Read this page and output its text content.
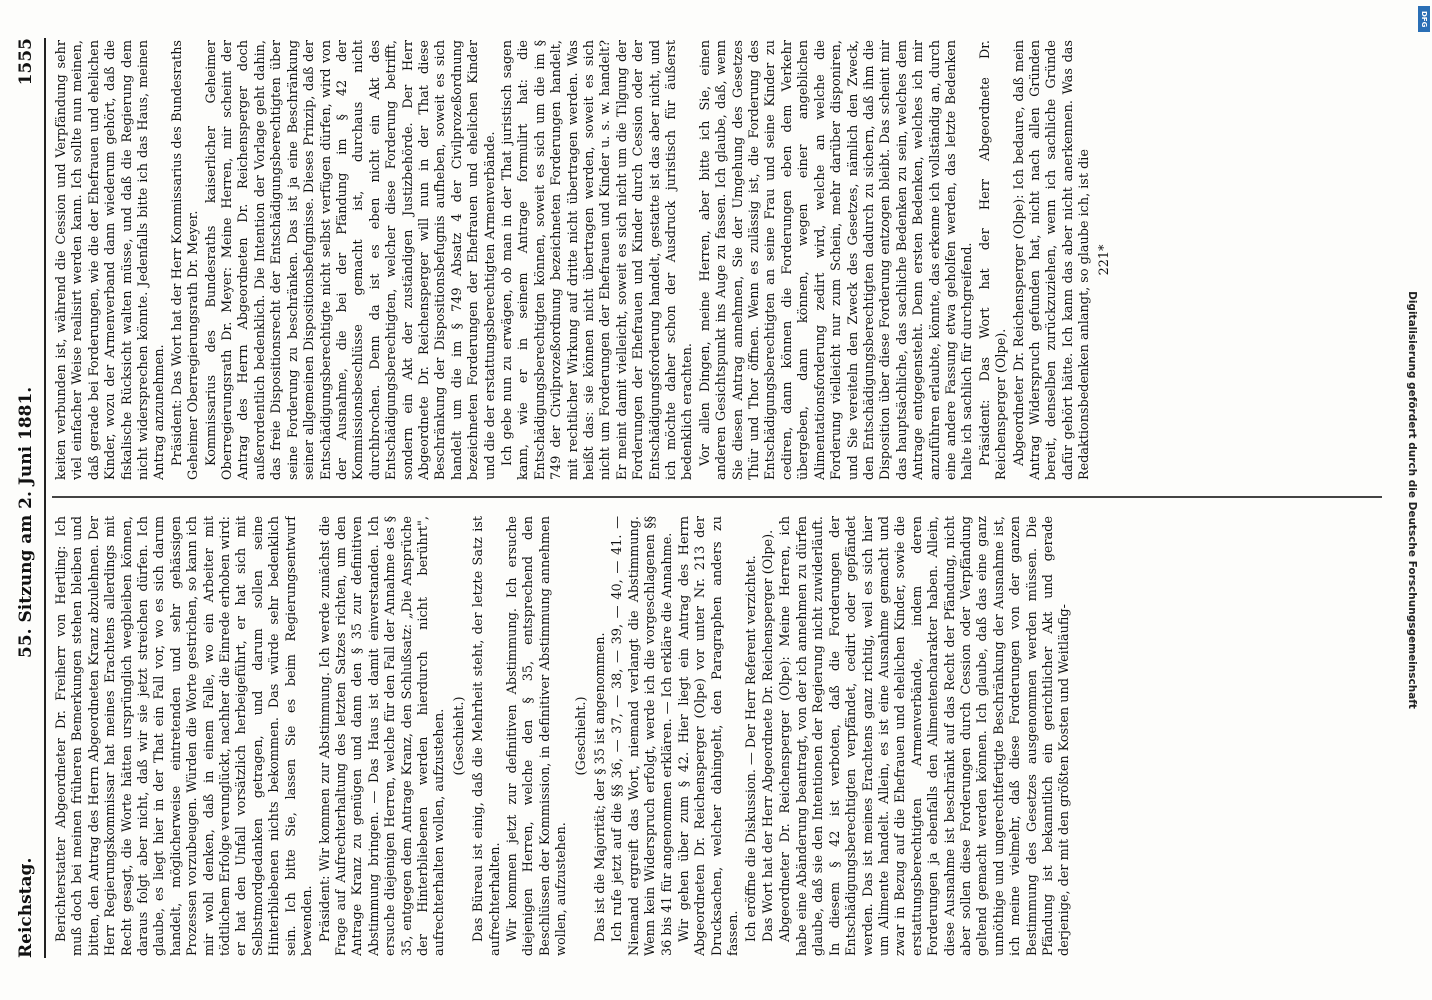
Reichstag.
55. Sitzung am 2. Juni 1881.
1555

Berichterstatter Abgeordneter Dr. Freiherr von Hertling: Ich muß doch bei meinen früheren Bemerkungen stehen bleiben und bitten, den Antrag des Herrn Abgeordneten Kranz abzulehnen. Der Herr Regierungskommissar hat meines Erachtens allerdings mit Recht gesagt, die Worte hätten ursprünglich wegbleiben können, daraus folgt aber nicht, daß wir sie jetzt streichen dürfen. Ich glaube, es liegt hier in der That ein Fall vor, wo es sich darum handelt, möglicherweise eintretenden und sehr gehässigen Prozessen vorzubeugen. Würden die Worte gestrichen, so kann ich mir wohl denken, daß in einem Falle, wo ein Arbeiter mit tödtlichem Erfolge verunglückt, nachher die Einrede erhoben wird: er hat den Unfall vorsätzlich herbeigeführt, er hat sich mit Selbstmordgedanken getragen, und darum sollen seine Hinterbliebenen nichts bekommen. Das würde sehr bedenklich sein. Ich bitte Sie, lassen Sie es beim Regierungsentwurf bewenden. Präsident: Wir kommen zur Abstimmung. Ich werde zunächst die Frage auf Aufrechterhaltung des letzten Satzes richten, um den Antrage Kranz zu genügen und dann den § 35 zur definitiven Abstimmung bringen. — Das Haus ist damit einverstanden. Ich ersuche diejenigen Herren, welche für den Fall der Annahme des § 35, entgegen dem Antrage Kranz, den Schlußsatz: „Die Ansprüche der Hinterbliebenen werden hierdurch nicht berührt", aufrechterhalten wollen, aufzustehen. (Geschieht.) Das Büreau ist einig, daß die Mehrheit steht, der letzte Satz ist aufrechterhalten. Wir kommen jetzt zur definitiven Abstimmung. Ich ersuche diejenigen Herren, welche den § 35, entsprechend den Beschlüssen der Kommission, in definitiver Abstimmung annehmen wollen, aufzustehen.

(Geschieht.) Das ist die Majorität; der § 35 ist angenommen. Ich rufe jetzt auf die §§ 36, — 37, — 38, — 39, — 40, — 41. — Niemand ergreift das Wort, niemand verlangt die Abstimmung. Wenn kein Widerspruch erfolgt, werde ich die vorgeschlagenen §§ 36 bis 41 für angenommen erklären. — Ich erkläre die Annahme. Wir gehen über zum § 42. Hier liegt ein Antrag des Herrn Abgeordneten Dr. Reichensperger (Olpe) vor unter Nr. 213 der Drucksachen, welcher dahingeht, den Paragraphen anders zu fassen. Ich eröffne die Diskussion. — Der Herr Referent verzichtet. Das Wort hat der Herr Abgeordnete Dr. Reichensperger (Olpe). Abgeordneter Dr. Reichensperger (Olpe): Meine Herren, ich habe eine Abänderung beantragt, von der ich annehmen zu dürfen glaube, daß sie den Intentionen der Regierung nicht zuwiderläuft. In diesem § 42 ist verboten, daß die Forderungen der Entschädigungsberechtigten verpfändet, cedirt oder gepfändet werden. Das ist meines Erachtens ganz richtig, weil es sich hier um Alimente handelt. Allein, es ist eine Ausnahme gemacht und zwar in Bezug auf die Ehefrauen und ehelichen Kinder, sowie die erstattungsberechtigten Armenverbände, indem deren Forderungen ja ebenfalls den Alimentencharakter haben. Allein, diese Ausnahme ist beschränkt auf das Recht der Pfändung, nicht aber sollen diese Forderungen durch Cession oder Verpfändung geltend gemacht werden können. Ich glaube, daß das eine ganz unnöthige und ungerechtfertigte Beschränkung der Ausnahme ist, ich meine vielmehr, daß diese Forderungen von der ganzen Bestimmung des Gesetzes ausgenommen werden müssen. Die Pfändung ist bekanntlich ein gerichtlicher Akt und gerade derjenige, der mit den größten Kosten und Weitläufig-

keiten verbunden ist, während die Cession und Verpfändung sehr viel einfacher Weise realisirt werden kann. Ich sollte nun meinen, daß gerade bei Forderungen, wie die der Ehefrauen und ehelichen Kinder, wozu der Armenverband dann wiederum gehört, daß die fiskalische Rücksicht walten müsse, und daß die Regierung dem nicht widersprechen könnte. Jedenfalls bitte ich das Haus, meinen Antrag anzunehmen. Präsident: Das Wort hat der Herr Kommissarius des Bundesraths Geheimer Oberregierungsrath Dr. Meyer. Kommissarius des Bundesraths kaiserlicher Geheimer Oberregierungsrath Dr. Meyer: Meine Herren, mir scheint der Antrag des Herrn Abgeordneten Dr. Reichensperger doch außerordentlich bedenklich. Die Intention der Vorlage geht dahin, das freie Dispositionsrecht der Entschädigungsberechtigten über seine Forderung zu beschränken. Das ist ja eine Beschränkung seiner allgemeinen Dispositionsbefugnisse. Dieses Prinzip, daß der Entschädigungsberechtigte nicht selbst verfügen dürfen, wird von der Ausnahme, die bei der Pfändung im § 42 der Kommissionsbeschlüsse gemacht ist, durchaus nicht durchbrochen. Denn da ist es eben nicht ein Akt des Entschädigungsberechtigten, welcher diese Forderung betrifft, sondern ein Akt der zuständigen Justizbehörde. Der Herr Abgeordnete Dr. Reichensperger will nun in der That diese Beschränkung der Dispositionsbefugnis aufheben, soweit es sich handelt um die im § 749 Absatz 4 der Civilprozeßordnung bezeichneten Forderungen der Ehefrauen und ehelichen Kinder und die der erstattungsberechtigten Armenverbände. Ich gebe nun zu erwägen, ob man in der That juristisch sagen kann, wie er in seinem Antrage formulirt hat: die Entschädigungsberechtigten können, soweit es sich um die im § 749 der Civilprozeßordnung bezeichneten Forderungen handelt, mit rechtlicher Wirkung auf dritte nicht übertragen werden. Was heißt das: sie können nicht übertragen werden, soweit es sich nicht um Forderungen der Ehefrauen und Kinder u. s. w. handelt? Er meint damit vielleicht, soweit es sich nicht um die Tilgung der Forderungen der Ehefrauen und Kinder durch Cession oder der Entschädigungsforderung handelt, gestatte ist das aber nicht, und ich möchte daher schon der Ausdruck juristisch für äußerst bedenklich erachten. Vor allen Dingen, meine Herren, aber bitte ich Sie, einen anderen Gesichtspunkt ins Auge zu fassen. Ich glaube, daß, wenn Sie diesen Antrag annehmen, Sie der Umgehung des Gesetzes Thür und Thor öffnen. Wenn es zulässig ist, die Forderung des Entschädigungsberechtigten an seine Frau und seine Kinder zu cediren, dann können die Forderungen eben dem Verkehr übergeben, dann können, wegen einer angeblichen Alimentationsforderung zedirt wird, welche an welche die Forderung vielleicht nur zum Schein, mehr darüber disponiren, und Sie vereiteln den Zweck des Gesetzes, nämlich den Zweck, den Entschädigungsberechtigten dadurch zu sichern, daß ihm die Disposition über diese Forderung entzogen bleibt. Das scheint mir das hauptsächliche, das sachliche Bedenken zu sein, welches dem Antrage entgegensteht. Denn ersten Bedenken, welches ich mir anzuführen erlaubte, könnte, das erkenne ich vollständig an, durch eine andere Fassung etwa geholfen werden, das letzte Bedenken halte ich sachlich für durchgreifend. Präsident: Das Wort hat der Herr Abgeordnete Dr. Reichensperger (Olpe). Abgeordneter Dr. Reichensperger (Olpe): Ich bedaure, daß mein Antrag Widerspruch gefunden hat, nicht nach allen Gründen bereit, denselben zurückzuziehen, wenn ich sachliche Gründe dafür gehört hätte. Ich kann das aber nicht anerkennen. Was das Redaktionsbedenken anlangt, so glaube ich, ist die 221*

Digitalisierung gefördert durch die Deutsche Forschungsgemeinschaft
DFG
